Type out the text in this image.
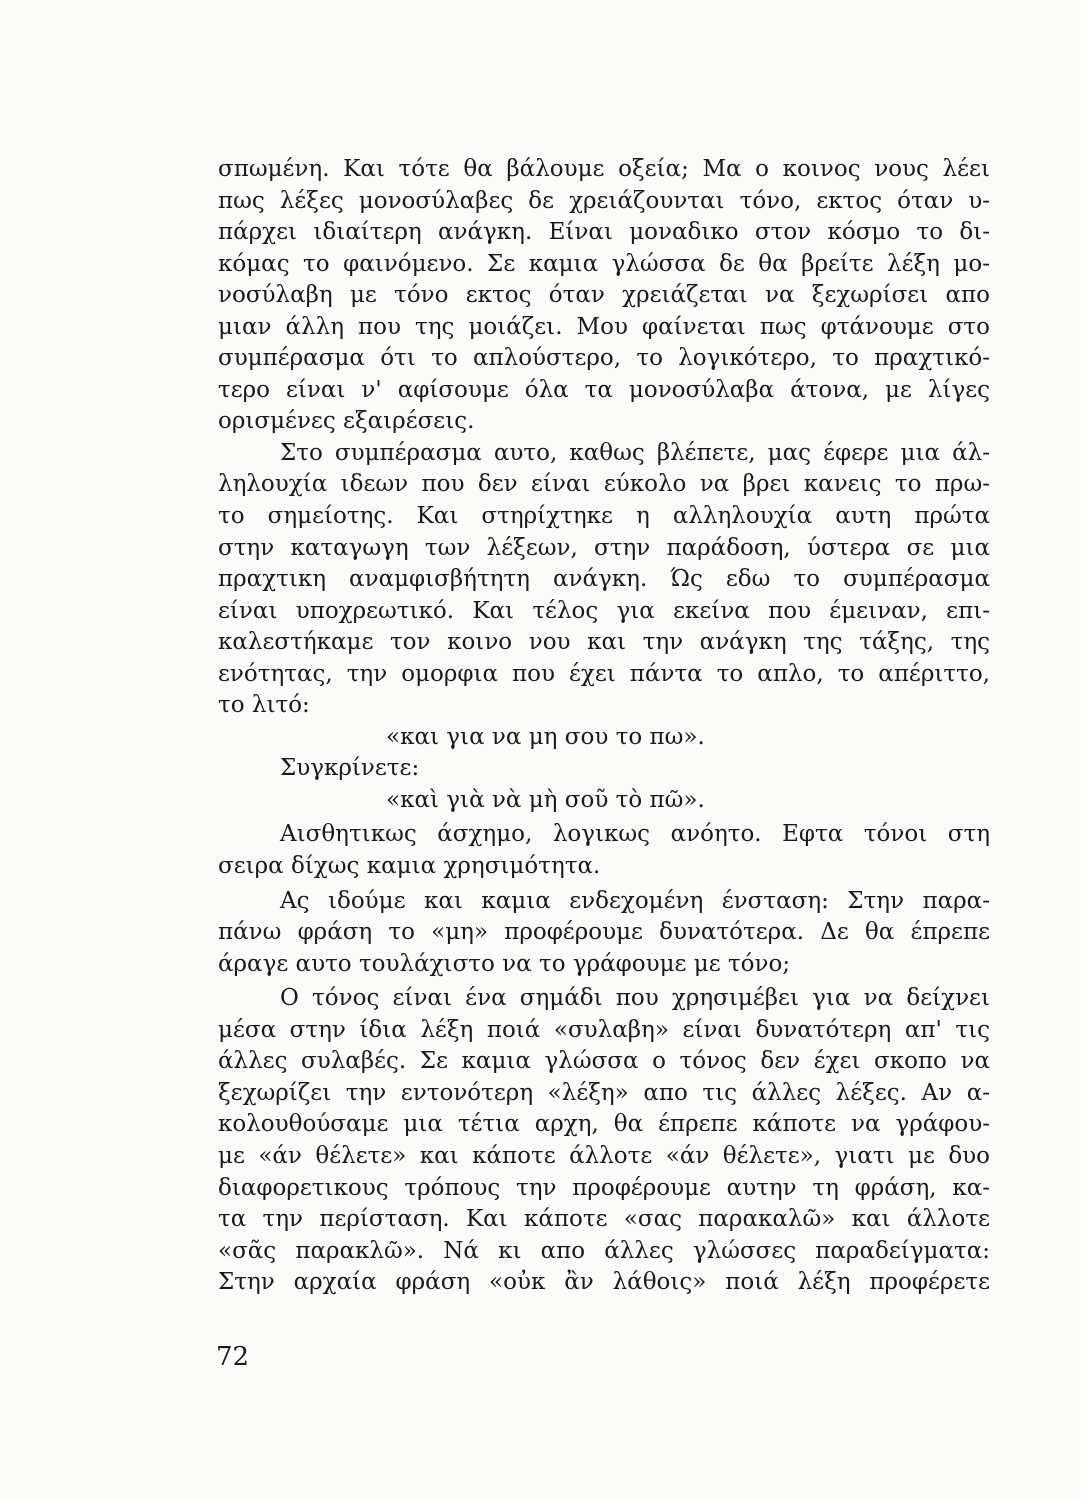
σπωμένη. Και τότε θα βάλουμε οξεία; Μα ο κοινος νους λέει
πως λέξες μονοσύλαβες δε χρειάζουνται τόνο, εκτος όταν υ-
πάρχει ιδιαίτερη ανάγκη. Είναι μοναδικο στον κόσμο το δι-
κόμας το φαινόμενο. Σε καμια γλώσσα δε θα βρείτε λέξη μο-
νοσύλαβη με τόνο εκτος όταν χρειάζεται να ξεχωρίσει απο
μιαν άλλη που της μοιάζει. Μου φαίνεται πως φτάνουμε στο
συμπέρασμα ότι το απλούστερο, το λογικότερο, το πραχτικό-
τερο είναι ν' αφίσουμε όλα τα μονοσύλαβα άτονα, με λίγες
ορισμένες εξαιρέσεις.
Στο συμπέρασμα αυτο, καθως βλέπετε, μας έφερε μια άλ-
ληλουχία ιδεων που δεν είναι εύκολο να βρει κανεις το πρω-
το σημείοτης. Και στηρίχτηκε η αλληλουχία αυτη πρώτα
στην καταγωγη των λέξεων, στην παράδοση, ύστερα σε μια
πραχτικη αναμφισβήτητη ανάγκη. Ώς εδω το συμπέρασμα
είναι υποχρεωτικό. Και τέλος για εκείνα που έμειναν, επι-
καλεστήκαμε τον κοινο νου και την ανάγκη της τάξης, της
ενότητας, την ομορφια που έχει πάντα το απλο, το απέριττο,
το λιτό:
«και για να μη σου το πω».
Συγκρίνετε:
«καὶ γιὰ νὰ μὴ σοῦ τὸ πῶ».
Αισθητικως άσχημο, λογικως ανόητο. Εφτα τόνοι στη
σειρα δίχως καμια χρησιμότητα.
Ας ιδούμε και καμια ενδεχομένη ένσταση: Στην παρα-
πάνω φράση το «μη» προφέρουμε δυνατότερα. Δε θα έπρεπε
άραγε αυτο τουλάχιστο να το γράφουμε με τόνο;
Ο τόνος είναι ένα σημάδι που χρησιμέβει για να δείχνει
μέσα στην ίδια λέξη ποιά «συλαβη» είναι δυνατότερη απ' τις
άλλες συλαβές. Σε καμια γλώσσα ο τόνος δεν έχει σκοπο να
ξεχωρίζει την εντονότερη «λέξη» απο τις άλλες λέξες. Αν α-
κολουθούσαμε μια τέτια αρχη, θα έπρεπε κάποτε να γράφου-
με «άν θέλετε» και κάποτε άλλοτε «άν θέλετε», γιατι με δυο
διαφορετικους τρόπους την προφέρουμε αυτην τη φράση, κα-
τα την περίσταση. Και κάποτε «σας παρακαλῶ» και άλλοτε
«σᾶς παρακλῶ». Νά κι απο άλλες γλώσσες παραδείγματα:
Στην αρχαία φράση «οὐκ ἂν λάθοις» ποιά λέξη προφέρετε
72
